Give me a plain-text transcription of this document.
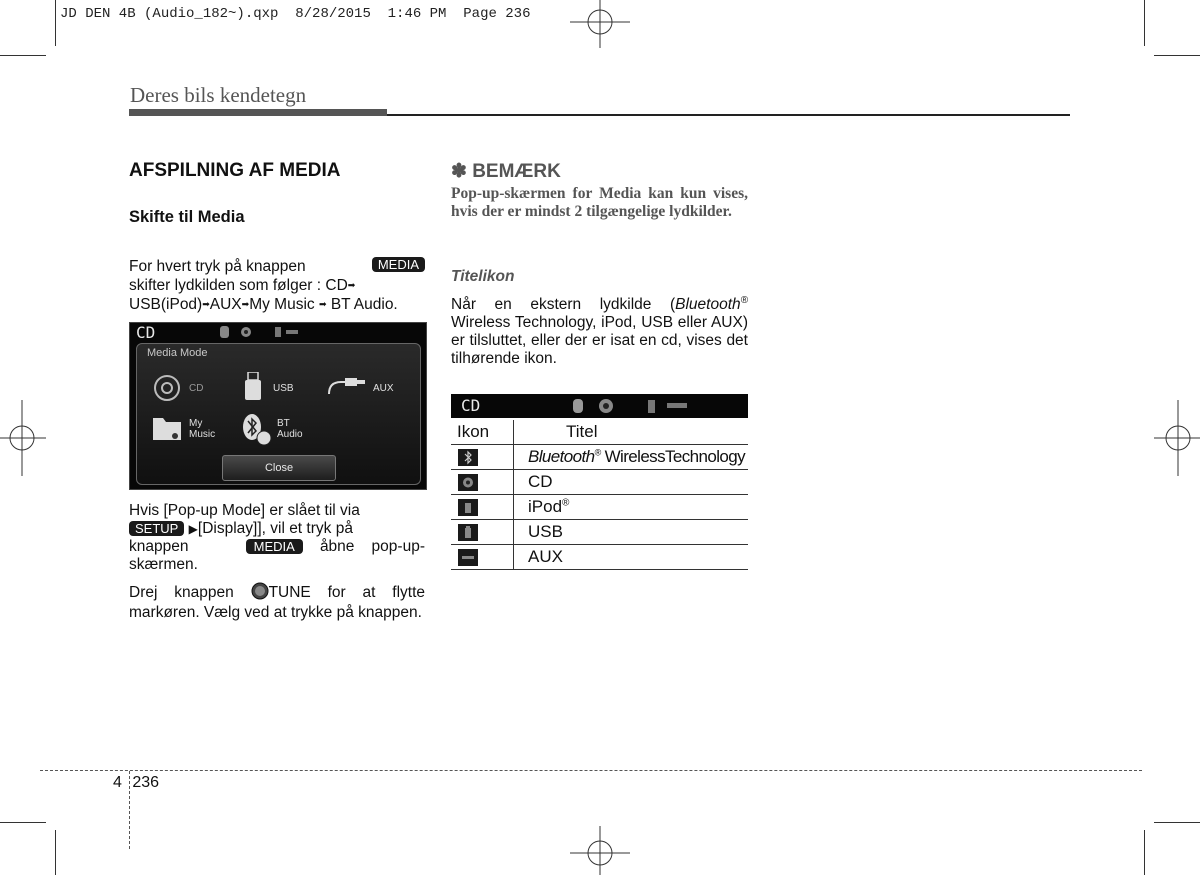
JD DEN 4B (Audio_182~).qxp  8/28/2015  1:46 PM  Page 236
Deres bils kendetegn
AFSPILNING AF MEDIA
Skifte til Media
For hvert tryk på knappen	MEDIA

skifter lydkilden som følger : CD➡
USB(iPod)➡AUX➡My Music ➡ BT Audio.
CD
Media Mode
CD	USB	AUX
My
Music
BT
Audio
Close
Hvis [Pop-up Mode] er slået til via
SETUP ▶[Display]], vil et tryk på
knappen	MEDIA åbne pop-up-skærmen.
Drej knappen TUNE for at flytte markøren. Vælg ved at trykke på knappen.
✽ BEMÆRK
Pop-up-skærmen for Media kan kun vises, hvis der er mindst 2 tilgængelige lydkilder.
Titelikon
Når en ekstern lydkilde (Bluetooth® Wireless Technology, iPod, USB eller AUX) er tilsluttet, eller der er isat en cd, vises det tilhørende ikon.
CD
Ikon	Titel

	Bluetooth® WirelessTechnology

	CD

	iPod®

	USB

	AUX
4 236
